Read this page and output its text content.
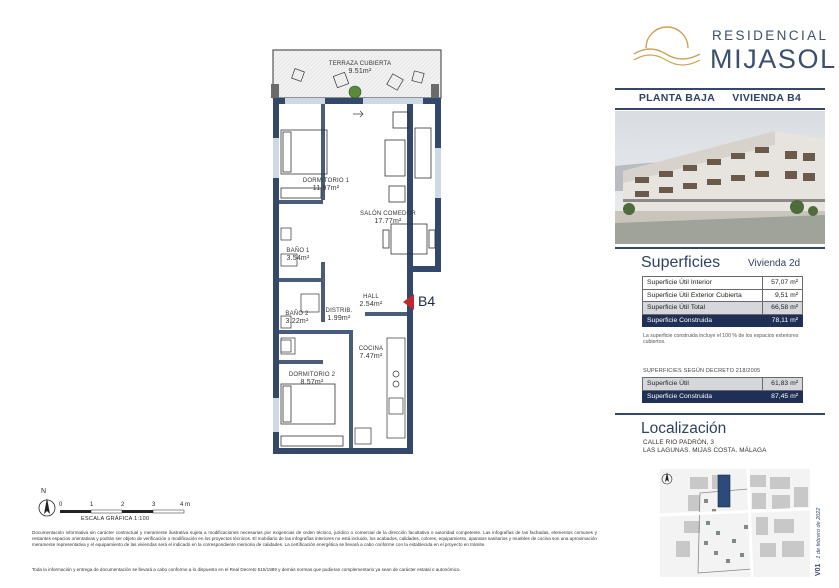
TERRAZA CUBIERTA
9.51m²
DORMITORIO 1
11.97m²
SALÓN COMEDOR
17.77m²
BAÑO 1
3.54m²
HALL
2.54m²
BAÑO 2
3.22m²
DISTRIB.
1.99m²
COCINA
7.47m²
DORMITORIO 2
8.57m²
B4
N
0	1	2	3	4 m
ESCALA GRÁFICA 1:100

Documentación informativa sin carácter contractual y meramente ilustrativa sujeta a modificaciones necesarias por exigencias de orden técnico, jurídico o comercial de la dirección facultativa o autoridad competente. Las infografías de las fachadas, elementos comunes y restantes espacios orientativas y podrán ser objeto de verificación o modificación en los proyectos técnicos. El mobiliario de las infografías interiores no está incluido, los acabados, calidades, colores, equipamiento, aparatos sanitarios y muebles de cocina son una aproximación meramente representativa y el equipamiento de las viviendas será el indicado en la correspondiente memoria de calidades. La certificación energética se llevará a cabo conforme con la establecida en el proyecto en trámite.

Toda la información y entrega de documentación se llevará a cabo conforme a lo dispuesto en el Real Decreto 515/1989 y demás normas que pudieran complementario ya sean de carácter estatal o autonómico.

RESIDENCIAL
MIJASOL
PLANTA BAJA VIVIENDA B4
Superficies	Vivienda 2d
Superficie Útil Interior	57,07 m²
Superficie Útil Exterior Cubierta	9,51 m²
Superficie Útil Total	66,58 m²
Superficie Construida	78,11 m²

La superficie construida incluye el 100 % de los espacios exteriores cubiertos.

SUPERFICIES SEGÚN DECRETO 218/2005
Superficie Útil	61,83 m²
Superficie Construida	87,45 m²
Localización
CALLE RIO PADRÓN, 3
LAS LAGUNAS. MIJAS COSTA. MÁLAGA
V01 · 1 de febrero de 2022
